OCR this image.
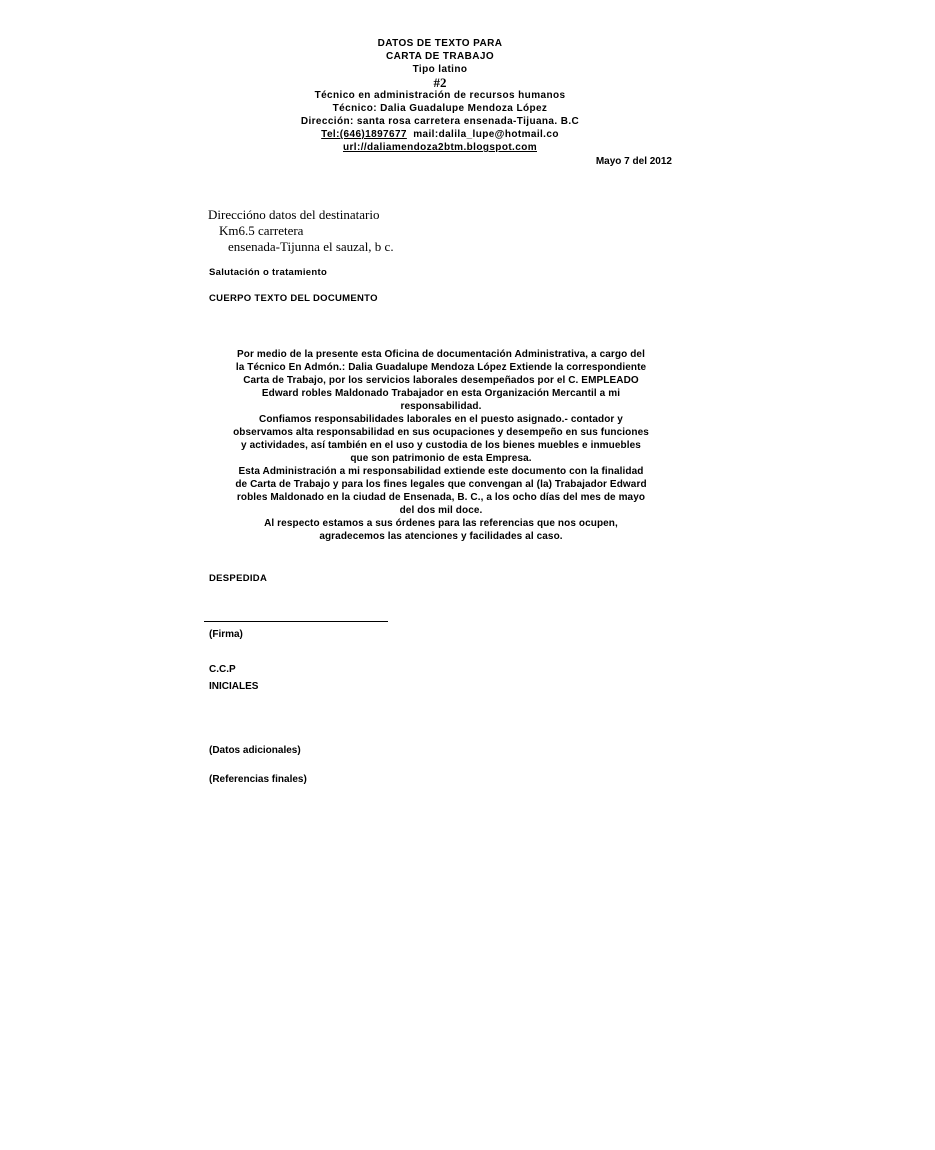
DATOS DE TEXTO PARA
CARTA DE TRABAJO
Tipo latino
#2
Técnico en administración de recursos humanos
Técnico: Dalia Guadalupe Mendoza López
Dirección: santa rosa carretera ensenada-Tijuana. B.C
Tel:(646)1897677  mail:dalila_lupe@hotmail.co
url://daliamendoza2btm.blogspot.com
Mayo 7 del 2012
Direccióno datos del destinatario
Km6.5 carretera
ensenada-Tijunna el sauzal, b c.
Salutación o tratamiento
CUERPO TEXTO DEL DOCUMENTO
Por medio de la presente esta Oficina de documentación Administrativa, a cargo del
la Técnico En Admón.: Dalia Guadalupe Mendoza López Extiende la correspondiente
Carta de Trabajo, por los servicios laborales desempeñados por el C. EMPLEADO
Edward robles Maldonado Trabajador en esta Organización Mercantil a mi
responsabilidad.
Confiamos responsabilidades laborales en el puesto asignado.- contador y
observamos alta responsabilidad en sus ocupaciones y desempeño en sus funciones
y actividades, así también en el uso y custodia de los bienes muebles e inmuebles
que son patrimonio de esta Empresa.
Esta Administración a mi responsabilidad extiende este documento con la finalidad
de Carta de Trabajo y para los fines legales que convengan al (la) Trabajador Edward
robles Maldonado en la ciudad de Ensenada, B. C., a los ocho días del mes de mayo
del dos mil doce.
Al respecto estamos a sus órdenes para las referencias que nos ocupen,
agradecemos las atenciones y facilidades al caso.
DESPEDIDA
(Firma)
C.C.P
INICIALES
(Datos adicionales)
(Referencias finales)
